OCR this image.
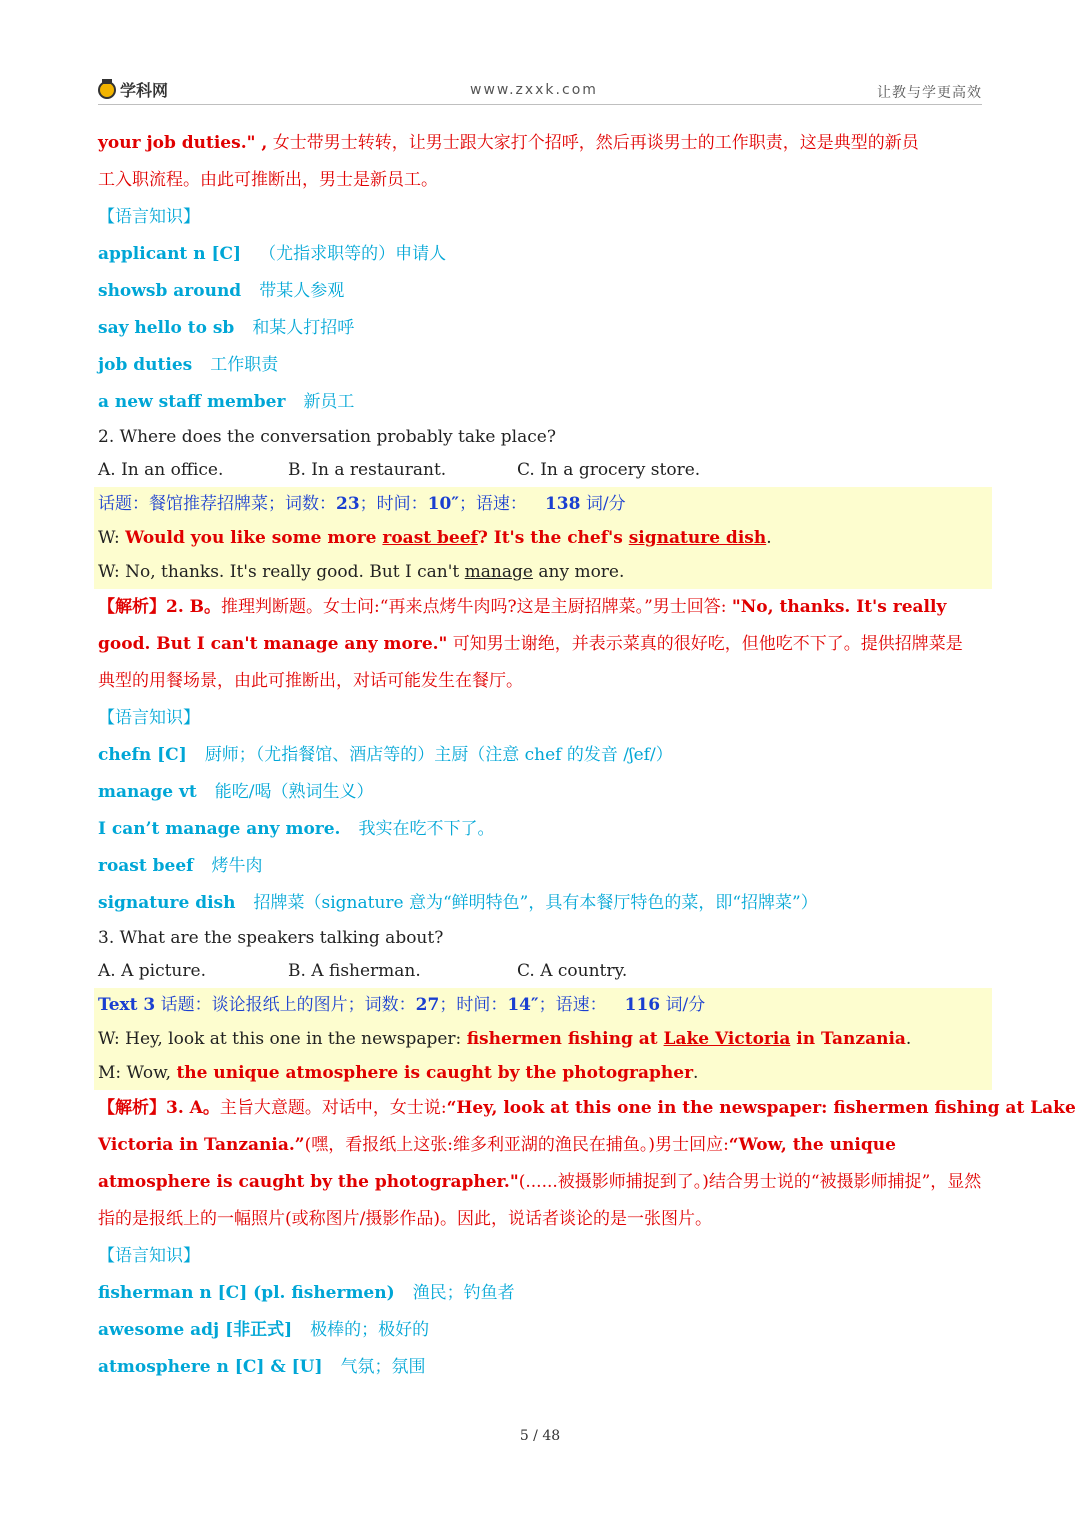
学科网	www.zxxk.com	让教与学更高效
your job duties." , 女士带男士转转，让男士跟大家打个招呼，然后再谈男士的工作职责，这是典型的新员
工入职流程。由此可推断出，男士是新员工。
【语言知识】
applicant n [C] （尤指求职等的）申请人
showsb around 带某人参观
say hello to sb 和某人打招呼
job duties 工作职责
a new staff member 新员工
2. Where does the conversation probably take place?
A. In an office.	B. In a restaurant.	C. In a grocery store.
话题：餐馆推荐招牌菜；词数：23；时间：10″；语速： 138 词/分
W: Would you like some more roast beef? It's the chef's signature dish.
W: No, thanks. It's really good. But I can't manage any more.
【解析】2. B。推理判断题。女士问:“再来点烤牛肉吗?这是主厨招牌菜。”男士回答: "No, thanks. It's really
good. But I can't manage any more." 可知男士谢绝，并表示菜真的很好吃，但他吃不下了。提供招牌菜是
典型的用餐场景，由此可推断出，对话可能发生在餐厅。
【语言知识】
chefn [C] 厨师；（尤指餐馆、酒店等的）主厨（注意 chef 的发音 /ʃef/）
manage vt 能吃/喝（熟词生义）
I can’t manage any more. 我实在吃不下了。
roast beef 烤牛肉
signature dish 招牌菜（signature 意为“鲜明特色”，具有本餐厅特色的菜，即“招牌菜”）
3. What are the speakers talking about?
A. A picture.	B. A fisherman.	C. A country.
Text 3 话题：谈论报纸上的图片；词数：27；时间：14″；语速： 116 词/分
W: Hey, look at this one in the newspaper: fishermen fishing at Lake Victoria in Tanzania.
M: Wow, the unique atmosphere is caught by the photographer.
【解析】3. A。主旨大意题。对话中，女士说:“Hey, look at this one in the newspaper: fishermen fishing at Lake
Victoria in Tanzania.”(嘿，看报纸上这张:维多利亚湖的渔民在捕鱼。)男士回应:“Wow, the unique
atmosphere is caught by the photographer."(......被摄影师捕捉到了。)结合男士说的“被摄影师捕捉”，显然
指的是报纸上的一幅照片(或称图片/摄影作品)。因此，说话者谈论的是一张图片。
【语言知识】
fisherman n [C] (pl. fishermen) 渔民；钓鱼者
awesome adj [非正式] 极棒的；极好的
atmosphere n [C] & [U] 气氛；氛围
5 / 48
